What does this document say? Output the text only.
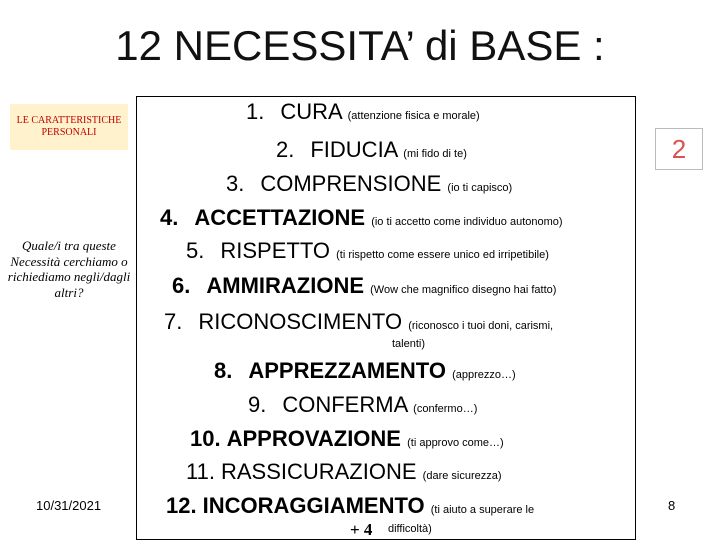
12 NECESSITA’ di BASE :
LE CARATTERISTICHE PERSONALI
Quale/i tra queste Necessità cerchiamo o richiediamo negli/dagli altri?
10/31/2021
2
8
1. CURA (attenzione fisica e morale)
2. FIDUCIA (mi fido di te)
3. COMPRENSIONE (io ti capisco)
4. ACCETTAZIONE (io ti accetto come individuo autonomo)
5. RISPETTO (ti rispetto come essere unico ed irripetibile)
6. AMMIRAZIONE (Wow che magnifico disegno hai fatto)
7. RICONOSCIMENTO (riconosco i tuoi doni, carismi,
talenti)
8. APPREZZAMENTO (apprezzo…)
9. CONFERMA (confermo…)
10. APPROVAZIONE (ti approvo come…)
11. RASSICURAZIONE (dare sicurezza)
12. INCORAGGIAMENTO (ti aiuto a superare le
+ 4 difficoltà)
